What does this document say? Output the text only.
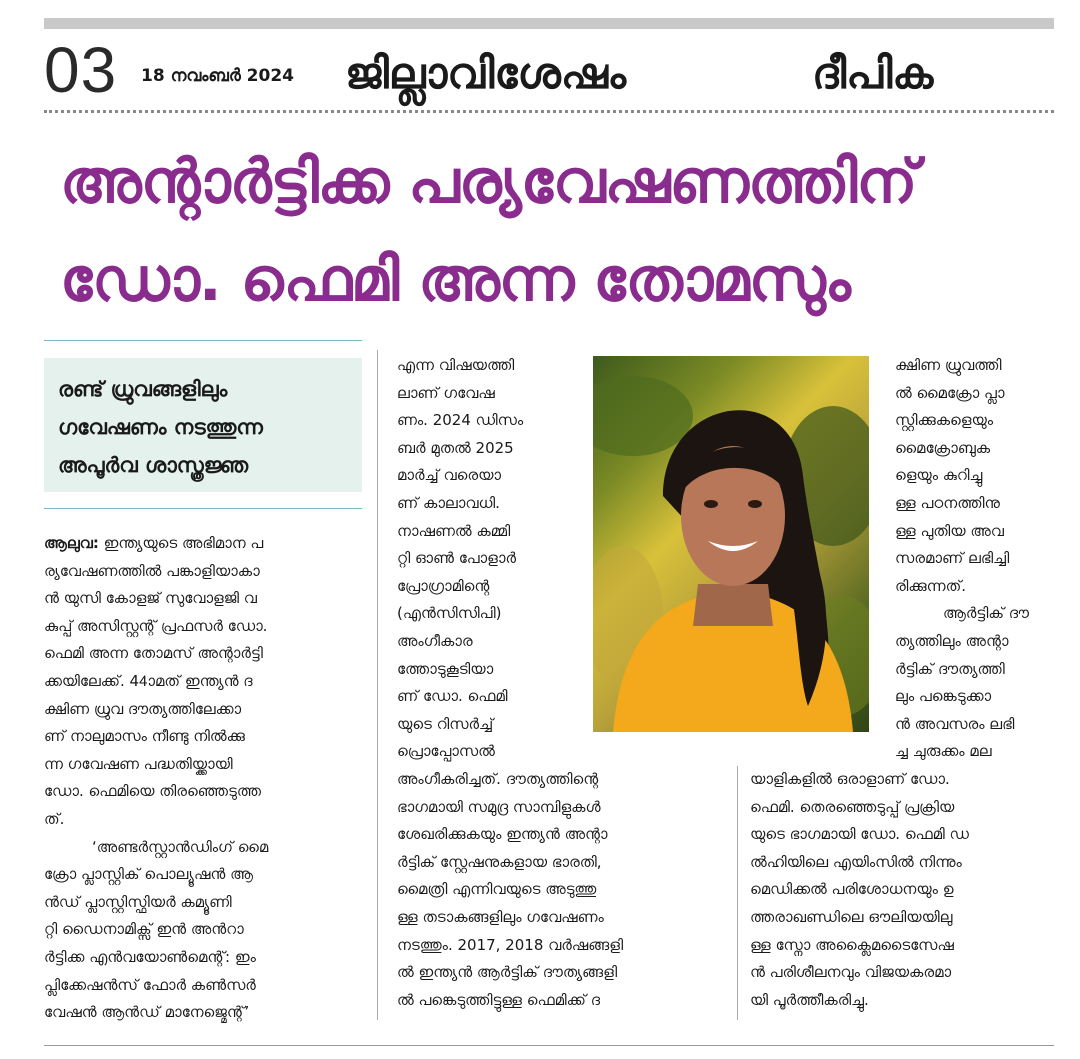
03 18 നവംബർ 2024 ജില്ലാവിശേഷം	ദീപിക
അന്റാർട്ടിക്ക പര്യവേഷണത്തിന്
ഡോ. ഫെമി അന്ന തോമസും
രണ്ട് ധ്രുവങ്ങളിലും
ഗവേഷണം നടത്തുന്ന
അപൂർവ ശാസ്ത്രജ്ഞ
ആലുവ: ഇന്ത്യയുടെ അഭിമാന പ
ര്യവേഷണത്തിൽ പങ്കാളിയാകാ
ൻ യുസി കോളജ് സുവോളജി വ
കുപ്പ് അസിസ്റ്റന്റ് പ്രഫസർ ഡോ.
ഫെമി അന്ന തോമസ് അന്റാർട്ടി
ക്കയിലേക്ക്. 44ാമത് ഇന്ത്യൻ ദ
ക്ഷിണ ധ്രുവ ദൗത്യത്തിലേക്കാ
ണ് നാലുമാസം നീണ്ടു നിൽക്കു
ന്ന ഗവേഷണ പദ്ധതിയ്ക്കായി
ഡോ. ഫെമിയെ തിരഞ്ഞെടുത്ത
ത്.
‘അണ്ടർസ്റ്റാൻഡിംഗ് മൈ
ക്രോ പ്ലാസ്റ്റിക് പൊല്യൂഷൻ ആ
ൻഡ് പ്ലാസ്റ്റിസ്ഫിയർ കമ്യൂണി
റ്റി ഡൈനാമിക്സ് ഇൻ അൻറാ
ർട്ടിക്ക എൻവയോൺമെന്റ്: ഇം
പ്ലിക്കേഷൻസ് ഫോർ കൺസർ
വേഷൻ ആൻഡ് മാനേജ്മെന്റ്’
എന്ന വിഷയത്തി
ലാണ് ഗവേഷ
ണം. 2024 ഡിസം
ബർ മുതൽ 2025
മാർച്ച് വരെയാ
ണ് കാലാവധി.
നാഷണൽ കമ്മി
റ്റി ഓൺ പോളാർ
പ്രോഗ്രാമിന്റെ
(എൻസിസിപി)
അംഗീകാര
ത്തോടുകൂടിയാ
ണ് ഡോ. ഫെമി
യുടെ റിസർച്ച്
പ്രൊപ്പോസൽ
അംഗീകരിച്ചത്. ദൗത്യത്തിന്റെ
ഭാഗമായി സമുദ്ര സാമ്പിളുകൾ
ശേഖരിക്കുകയും ഇന്ത്യൻ അന്റാ
ർട്ടിക് സ്റ്റേഷനുകളായ ഭാരതി,
മൈത്രി എന്നിവയുടെ അടുത്തു
ള്ള തടാകങ്ങളിലും ഗവേഷണം
നടത്തും. 2017, 2018 വർഷങ്ങളി
ൽ ഇന്ത്യൻ ആർട്ടിക് ദൗത്യങ്ങളി
ൽ പങ്കെടുത്തിട്ടുള്ള ഫെമിക്ക് ദ
ക്ഷിണ ധ്രുവത്തി
ൽ മൈക്രോ പ്ലാ
സ്റ്റിക്കുകളെയും
മൈക്രോബുക
ളെയും കുറിച്ചു
ള്ള പഠനത്തിനു
ള്ള പുതിയ അവ
സരമാണ് ലഭിച്ചി
രിക്കുന്നത്.
ആർട്ടിക് ദൗ
ത്യത്തിലും അന്റാ
ർട്ടിക് ദൗത്യത്തി
ലും പങ്കെടുക്കാ
ൻ അവസരം ലഭി
ച്ച ചുരുക്കം മല
യാളികളിൽ ഒരാളാണ് ഡോ.
ഫെമി. തെരഞ്ഞെടുപ്പ് പ്രക്രിയ
യുടെ ഭാഗമായി ഡോ. ഫെമി ഡ
ൽഹിയിലെ എയിംസിൽ നിന്നും
മെഡിക്കൽ പരിശോധനയും ഉ
ത്തരാഖണ്ഡിലെ ഔലിയയിലു
ള്ള സ്നോ അക്ലൈമടൈസേഷ
ൻ പരിശീലനവും വിജയകരമാ
യി പൂർത്തീകരിച്ചു.
